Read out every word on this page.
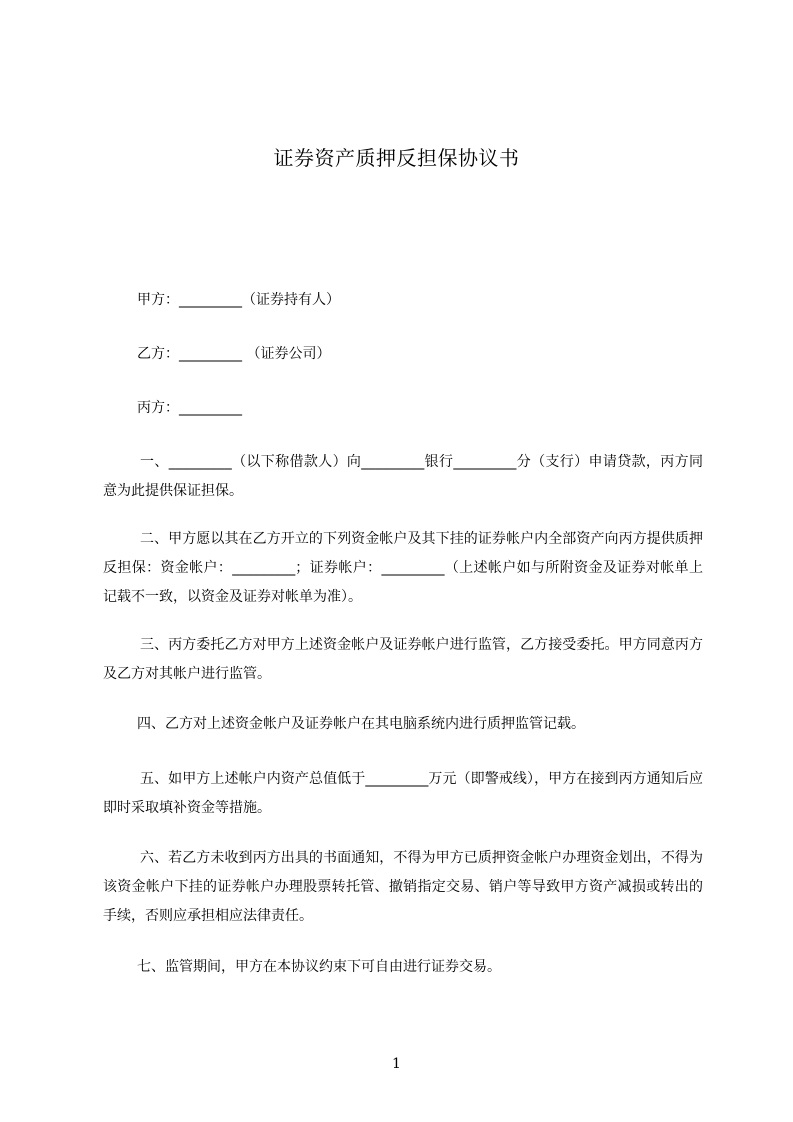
证券资产质押反担保协议书
甲方：_________（证券持有人）
乙方：_________ （证券公司）
丙方：_________
一、_________（以下称借款人）向_________银行_________分（支行）申请贷款，丙方同意为此提供保证担保。
二、甲方愿以其在乙方开立的下列资金帐户及其下挂的证券帐户内全部资产向丙方提供质押反担保：资金帐户：_________；证券帐户：_________（上述帐户如与所附资金及证券对帐单上记载不一致，以资金及证券对帐单为准）。
三、丙方委托乙方对甲方上述资金帐户及证券帐户进行监管，乙方接受委托。甲方同意丙方及乙方对其帐户进行监管。
四、乙方对上述资金帐户及证券帐户在其电脑系统内进行质押监管记载。
五、如甲方上述帐户内资产总值低于_________万元（即警戒线），甲方在接到丙方通知后应即时采取填补资金等措施。
六、若乙方未收到丙方出具的书面通知，不得为甲方已质押资金帐户办理资金划出，不得为该资金帐户下挂的证券帐户办理股票转托管、撤销指定交易、销户等导致甲方资产减损或转出的手续，否则应承担相应法律责任。
七、监管期间，甲方在本协议约束下可自由进行证券交易。
1
